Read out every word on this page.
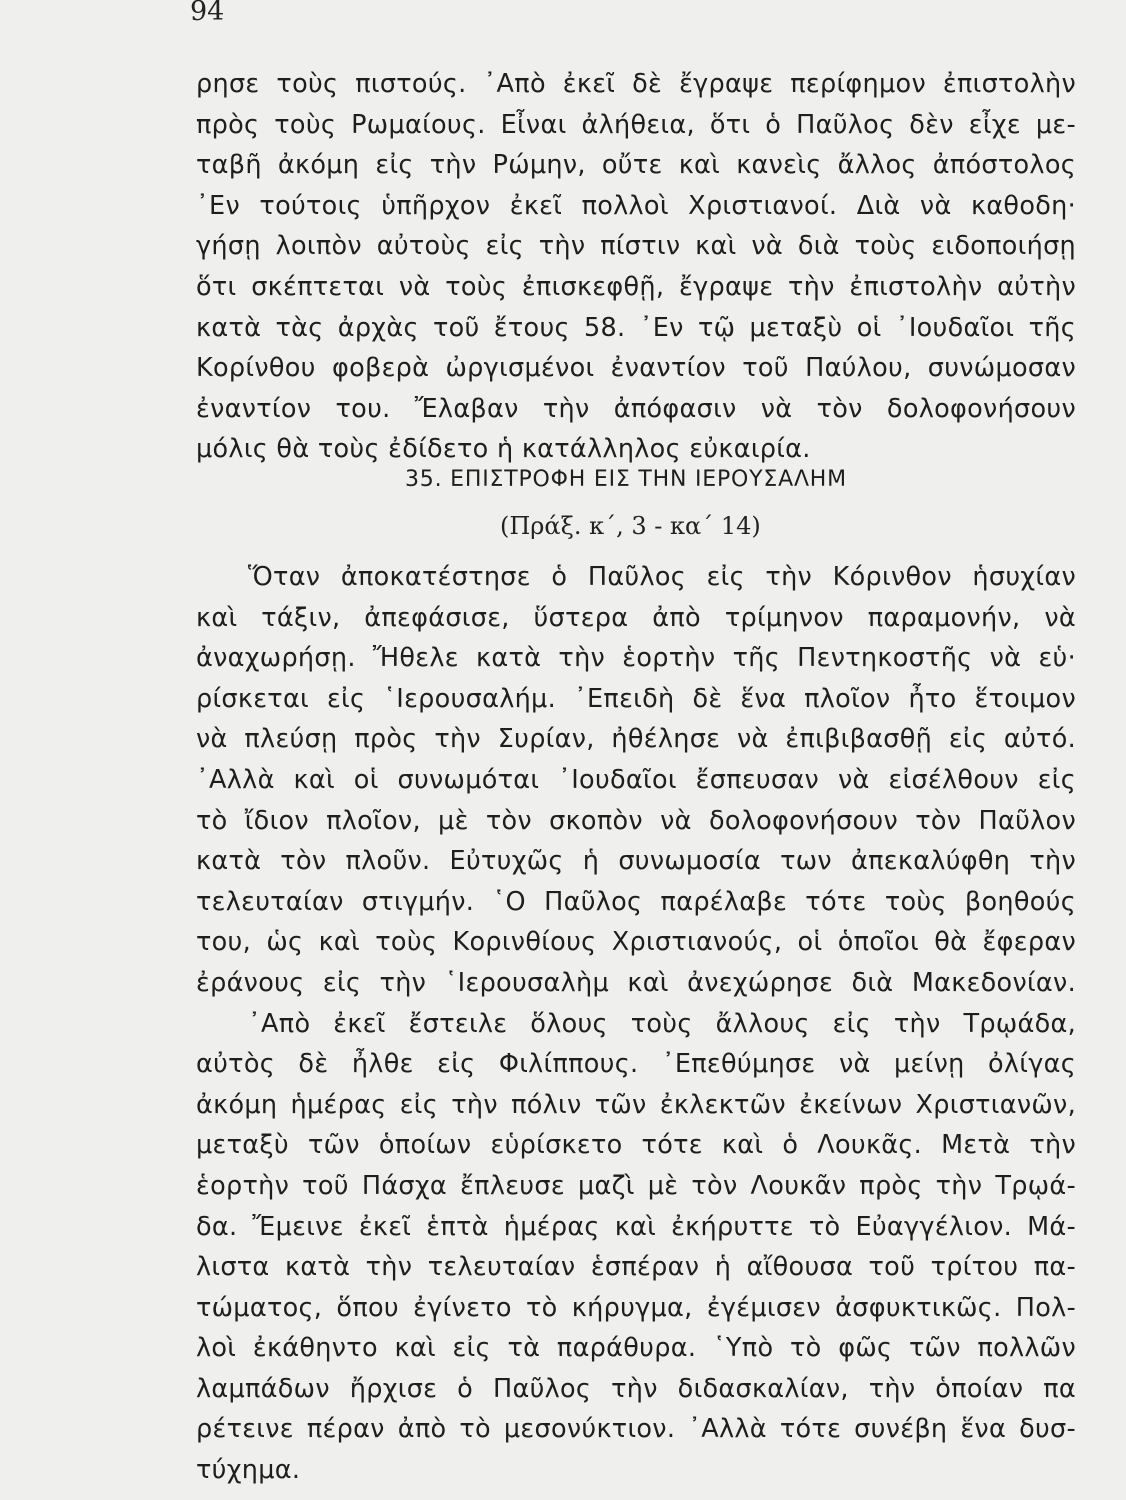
94
ρησε τοὺς πιστούς. ᾿Απὸ ἐκεῖ δὲ ἔγραψε περίφημον ἐπιστολὴν
πρὸς τοὺς Ρωμαίους. Εἶναι ἀλήθεια, ὅτι ὁ Παῦλος δὲν εἶχε με-
ταβῆ ἀκόμη εἰς τὴν Ρώμην, οὔτε καὶ κανεὶς ἄλλος ἀπόστολος
᾿Εν τούτοις ὑπῆρχον ἐκεῖ πολλοὶ Χριστιανοί. Διὰ νὰ καθοδη·
γήσῃ λοιπὸν αὐτοὺς εἰς τὴν πίστιν καὶ νὰ διὰ τοὺς ειδοποιήσῃ
ὅτι σκέπτεται νὰ τοὺς ἐπισκεφθῇ, ἔγραψε τὴν ἐπιστολὴν αὐτὴν
κατὰ τὰς ἀρχὰς τοῦ ἔτους 58. ᾿Εν τῷ μεταξὺ οἱ ᾿Ιουδαῖοι τῆς
Κορίνθου φοβερὰ ὠργισμένοι ἐναντίον τοῦ Παύλου, συνώμοσαν
ἐναντίον του. Ἔλαβαν τὴν ἀπόφασιν νὰ τὸν δολοφονήσουν
μόλις θὰ τοὺς ἐδίδετο ἡ κατάλληλος εὐκαιρία.
35. ΕΠΙΣΤΡΟΦΗ ΕΙΣ ΤΗΝ ΙΕΡΟΥΣΑΛΗΜ
(Πράξ. κ΄, 3 - κα΄ 14)
Ὅταν ἀποκατέστησε ὁ Παῦλος εἰς τὴν Κόρινθον ἡσυχίαν
καὶ τάξιν, ἀπεφάσισε, ὕστερα ἀπὸ τρίμηνον παραμονήν, νὰ
ἀναχωρήσῃ. Ἤθελε κατὰ τὴν ἑορτὴν τῆς Πεντηκοστῆς νὰ εὑ·
ρίσκεται εἰς ῾Ιερουσαλήμ. ᾿Επειδὴ δὲ ἕνα πλοῖον ἦτο ἕτοιμον
νὰ πλεύσῃ πρὸς τὴν Συρίαν, ἠθέλησε νὰ ἐπιβιβασθῇ εἰς αὐτό.
᾿Αλλὰ καὶ οἱ συνωμόται ᾿Ιουδαῖοι ἔσπευσαν νὰ εἰσέλθουν εἰς
τὸ ἴδιον πλοῖον, μὲ τὸν σκοπὸν νὰ δολοφονήσουν τὸν Παῦλον
κατὰ τὸν πλοῦν. Εὐτυχῶς ἡ συνωμοσία των ἀπεκαλύφθη τὴν
τελευταίαν στιγμήν. ῾Ο Παῦλος παρέλαβε τότε τοὺς βοηθούς
του, ὡς καὶ τοὺς Κορινθίους Χριστιανούς, οἱ ὁποῖοι θὰ ἔφεραν
ἐράνους εἰς τὴν ῾Ιερουσαλὴμ καὶ ἀνεχώρησε διὰ Μακεδονίαν.
᾿Απὸ ἐκεῖ ἔστειλε ὅλους τοὺς ἄλλους εἰς τὴν Τρῳάδα,
αὐτὸς δὲ ἦλθε εἰς Φιλίππους. ᾿Επεθύμησε νὰ μείνῃ ὀλίγας
ἀκόμη ἡμέρας εἰς τὴν πόλιν τῶν ἐκλεκτῶν ἐκείνων Χριστιανῶν,
μεταξὺ τῶν ὁποίων εὑρίσκετο τότε καὶ ὁ Λουκᾶς. Μετὰ τὴν
ἑορτὴν τοῦ Πάσχα ἔπλευσε μαζὶ μὲ τὸν Λουκᾶν πρὸς τὴν Τρῳά-
δα. Ἔμεινε ἐκεῖ ἑπτὰ ἡμέρας καὶ ἐκήρυττε τὸ Εὐαγγέλιον. Μά-
λιστα κατὰ τὴν τελευταίαν ἑσπέραν ἡ αἴθουσα τοῦ τρίτου πα-
τώματος, ὅπου ἐγίνετο τὸ κήρυγμα, ἐγέμισεν ἀσφυκτικῶς. Πολ-
λοὶ ἐκάθηντο καὶ εἰς τὰ παράθυρα. ῾Υπὸ τὸ φῶς τῶν πολλῶν
λαμπάδων ἤρχισε ὁ Παῦλος τὴν διδασκαλίαν, τὴν ὁποίαν πα
ρέτεινε πέραν ἀπὸ τὸ μεσονύκτιον. ᾿Αλλὰ τότε συνέβη ἕνα δυσ-
τύχημα.
